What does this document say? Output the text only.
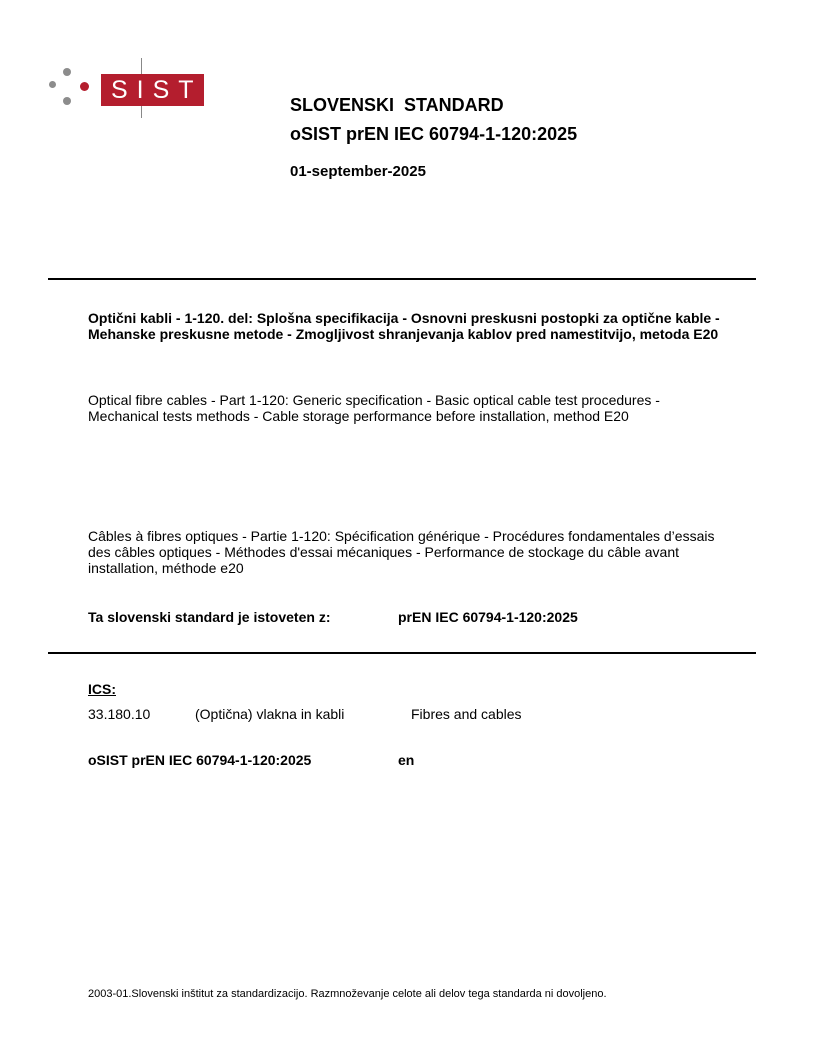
SIST
SLOVENSKI  STANDARD
oSIST prEN IEC 60794-1-120:2025
01-september-2025
Optični kabli - 1-120. del: Splošna specifikacija - Osnovni preskusni postopki za optične kable - Mehanske preskusne metode - Zmogljivost shranjevanja kablov pred namestitvijo, metoda E20
Optical fibre cables - Part 1-120: Generic specification - Basic optical cable test procedures - Mechanical tests methods - Cable storage performance before installation, method E20
Câbles à fibres optiques - Partie 1-120: Spécification générique - Procédures fondamentales d’essais des câbles optiques - Méthodes d'essai mécaniques - Performance de stockage du câble avant installation, méthode e20
Ta slovenski standard je istoveten z:	prEN IEC 60794-1-120:2025
ICS:
33.180.10	(Optična) vlakna in kabli	Fibres and cables
oSIST prEN IEC 60794-1-120:2025	en
2003-01.Slovenski inštitut za standardizacijo. Razmnoževanje celote ali delov tega standarda ni dovoljeno.
